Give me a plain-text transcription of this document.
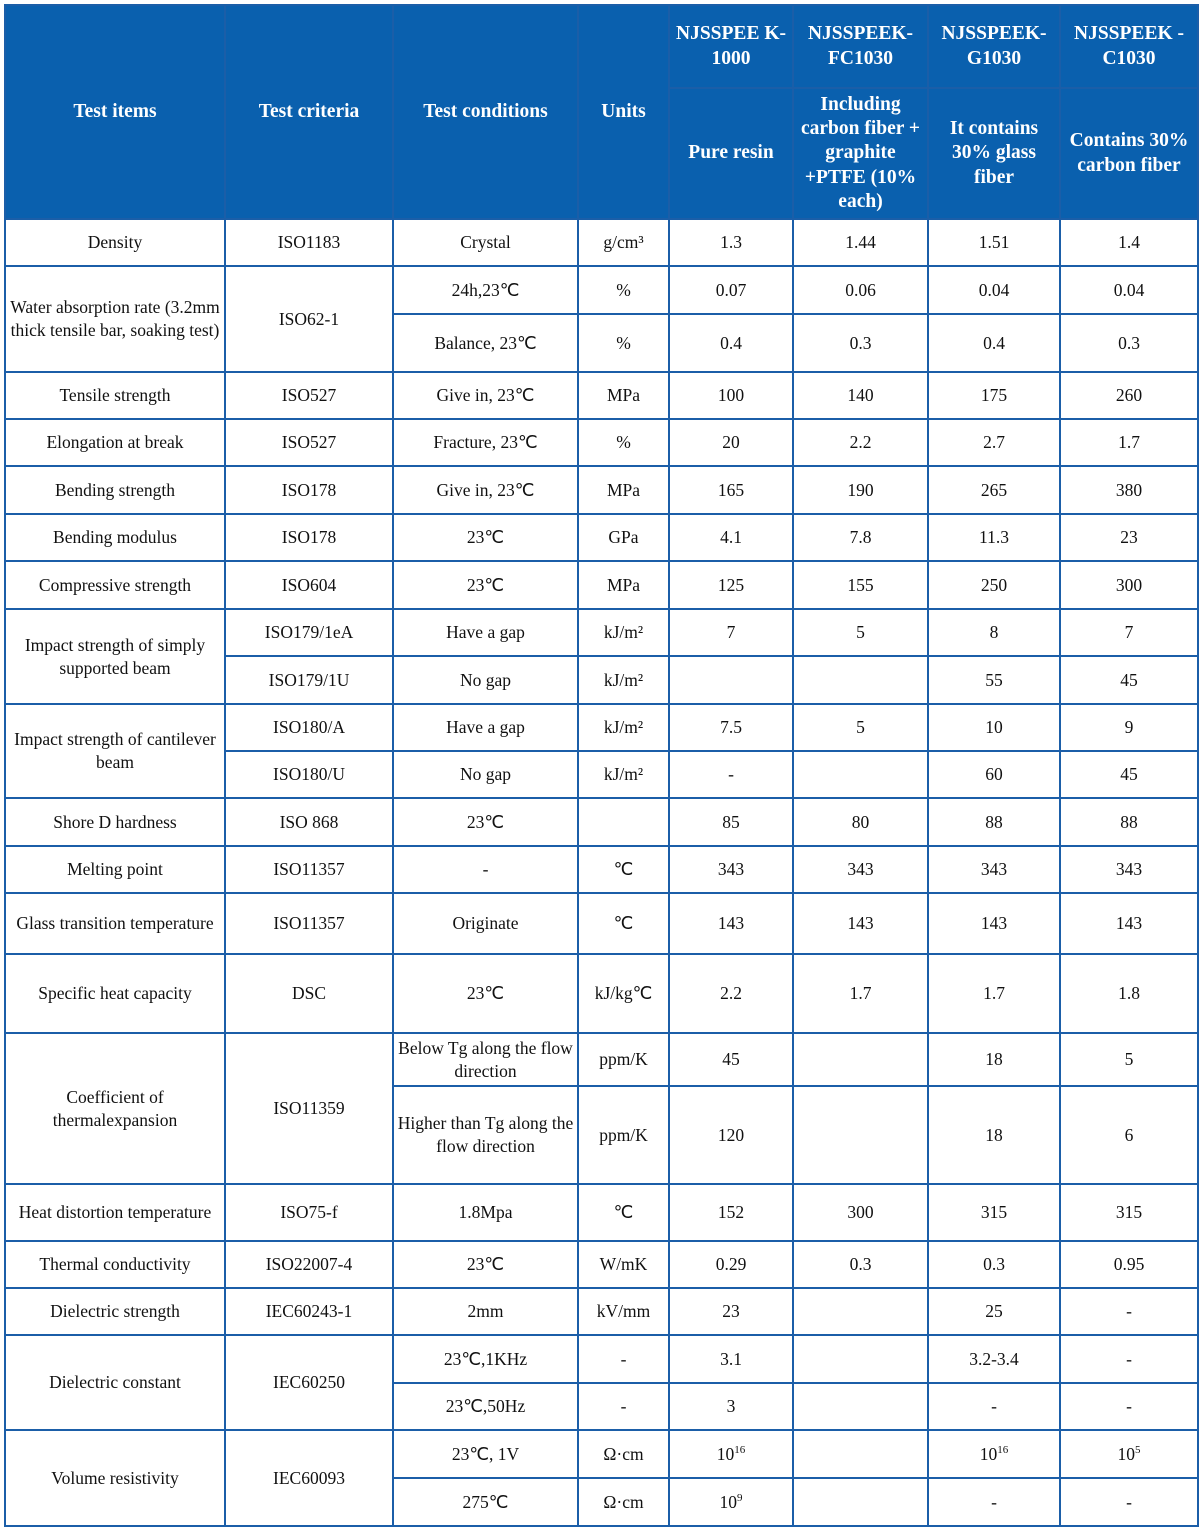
Test items	Test criteria	Test conditions	Units	NJSSPEE K-1000	NJSSPEEK-FC1030	NJSSPEEK-G1030	NJSSPEEK -C1030
				Pure resin	Including carbon fiber + graphite +PTFE (10% each)	It contains 30% glass fiber	Contains 30% carbon fiber
Density	ISO1183	Crystal	g/cm³	1.3	1.44	1.51	1.4
Water absorption rate (3.2mm thick tensile bar, soaking test)	ISO62-1	24h,23℃	%	0.07	0.06	0.04	0.04
		Balance, 23℃	%	0.4	0.3	0.4	0.3
Tensile strength	ISO527	Give in, 23℃	MPa	100	140	175	260
Elongation at break	ISO527	Fracture, 23℃	%	20	2.2	2.7	1.7
Bending strength	ISO178	Give in, 23℃	MPa	165	190	265	380
Bending modulus	ISO178	23℃	GPa	4.1	7.8	11.3	23
Compressive strength	ISO604	23℃	MPa	125	155	250	300
Impact strength of simply supported beam	ISO179/1eA	Have a gap	kJ/m²	7	5	8	7
	ISO179/1U	No gap	kJ/m²			55	45
Impact strength of cantilever beam	ISO180/A	Have a gap	kJ/m²	7.5	5	10	9
	ISO180/U	No gap	kJ/m²	-		60	45
Shore D hardness	ISO 868	23℃		85	80	88	88
Melting point	ISO11357	-	℃	343	343	343	343
Glass transition temperature	ISO11357	Originate	℃	143	143	143	143
Specific heat capacity	DSC	23℃	kJ/kg℃	2.2	1.7	1.7	1.8
Coefficient of thermalexpansion	ISO11359	Below Tg along the flow direction	ppm/K	45		18	5
		Higher than Tg along the flow direction	ppm/K	120		18	6
Heat distortion temperature	ISO75-f	1.8Mpa	℃	152	300	315	315
Thermal conductivity	ISO22007-4	23℃	W/mK	0.29	0.3	0.3	0.95
Dielectric strength	IEC60243-1	2mm	kV/mm	23		25	-
Dielectric constant	IEC60250	23℃,1KHz	-	3.1		3.2-3.4	-
		23℃,50Hz	-	3		-	-
Volume resistivity	IEC60093	23℃, 1V	Ω·cm	$10^{16}$		$10^{16}$	$10^5$
		275℃	Ω·cm	$10^9$		-	-
